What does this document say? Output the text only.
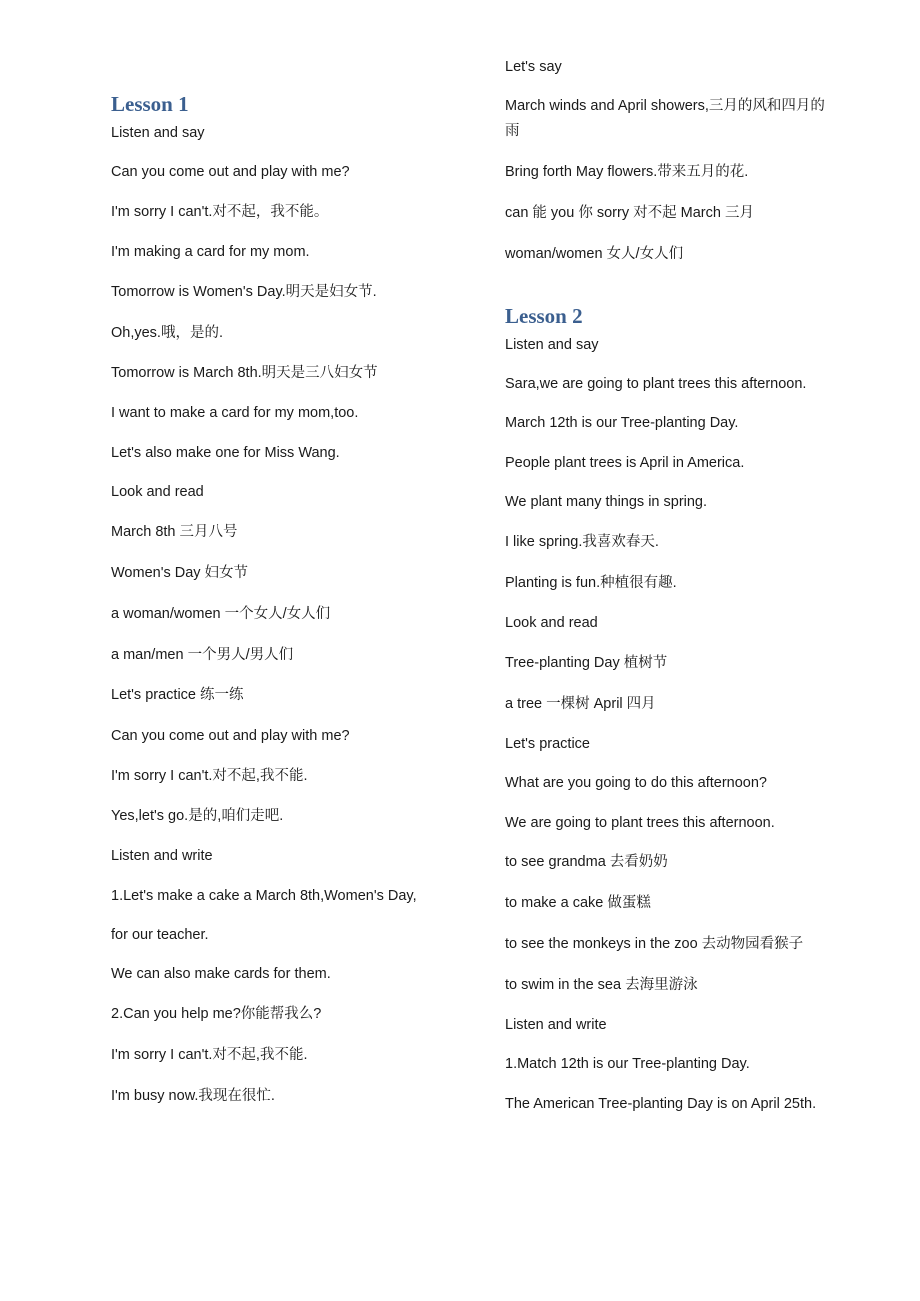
Lesson 1
Listen and say
Can you come out and play with me?
I'm sorry I can't.对不起，我不能。
I'm making a card for my mom.
Tomorrow is Women's Day.明天是妇女节.
Oh,yes.哦，是的.
Tomorrow is March 8th.明天是三八妇女节
I want to make a card for my mom,too.
Let's also make one for Miss Wang.
Look and read
March 8th 三月八号
Women's Day 妇女节
a woman/women 一个女人/女人们
a man/men 一个男人/男人们
Let's practice 练一练
Can you come out and play with me?
I'm sorry I can't.对不起,我不能.
Yes,let's go.是的,咱们走吧.
Listen and write
1.Let's make a cake a March 8th,Women's Day,
for our teacher.
We can also make cards for them.
2.Can you help me?你能帮我么?
I'm sorry I can't.对不起,我不能.
I'm busy now.我现在很忙.
Let's say
March winds and April showers,三月的风和四月的
雨
Bring forth May flowers.带来五月的花.
can 能 you 你 sorry 对不起 March 三月
woman/women 女人/女人们
Lesson 2
Listen and say
Sara,we are going to plant trees this afternoon.
March 12th is our Tree-planting Day.
People plant trees is April in America.
We plant many things in spring.
I like spring.我喜欢春天.
Planting is fun.种植很有趣.
Look and read
Tree-planting Day 植树节
a tree 一棵树 April 四月
Let's practice
What are you going to do this afternoon?
We are going to plant trees this afternoon.
to see grandma 去看奶奶
to make a cake 做蛋糕
to see the monkeys in the zoo 去动物园看猴子
to swim in the sea 去海里游泳
Listen and write
1.Match 12th is our Tree-planting Day.
The American Tree-planting Day is on April 25th.
